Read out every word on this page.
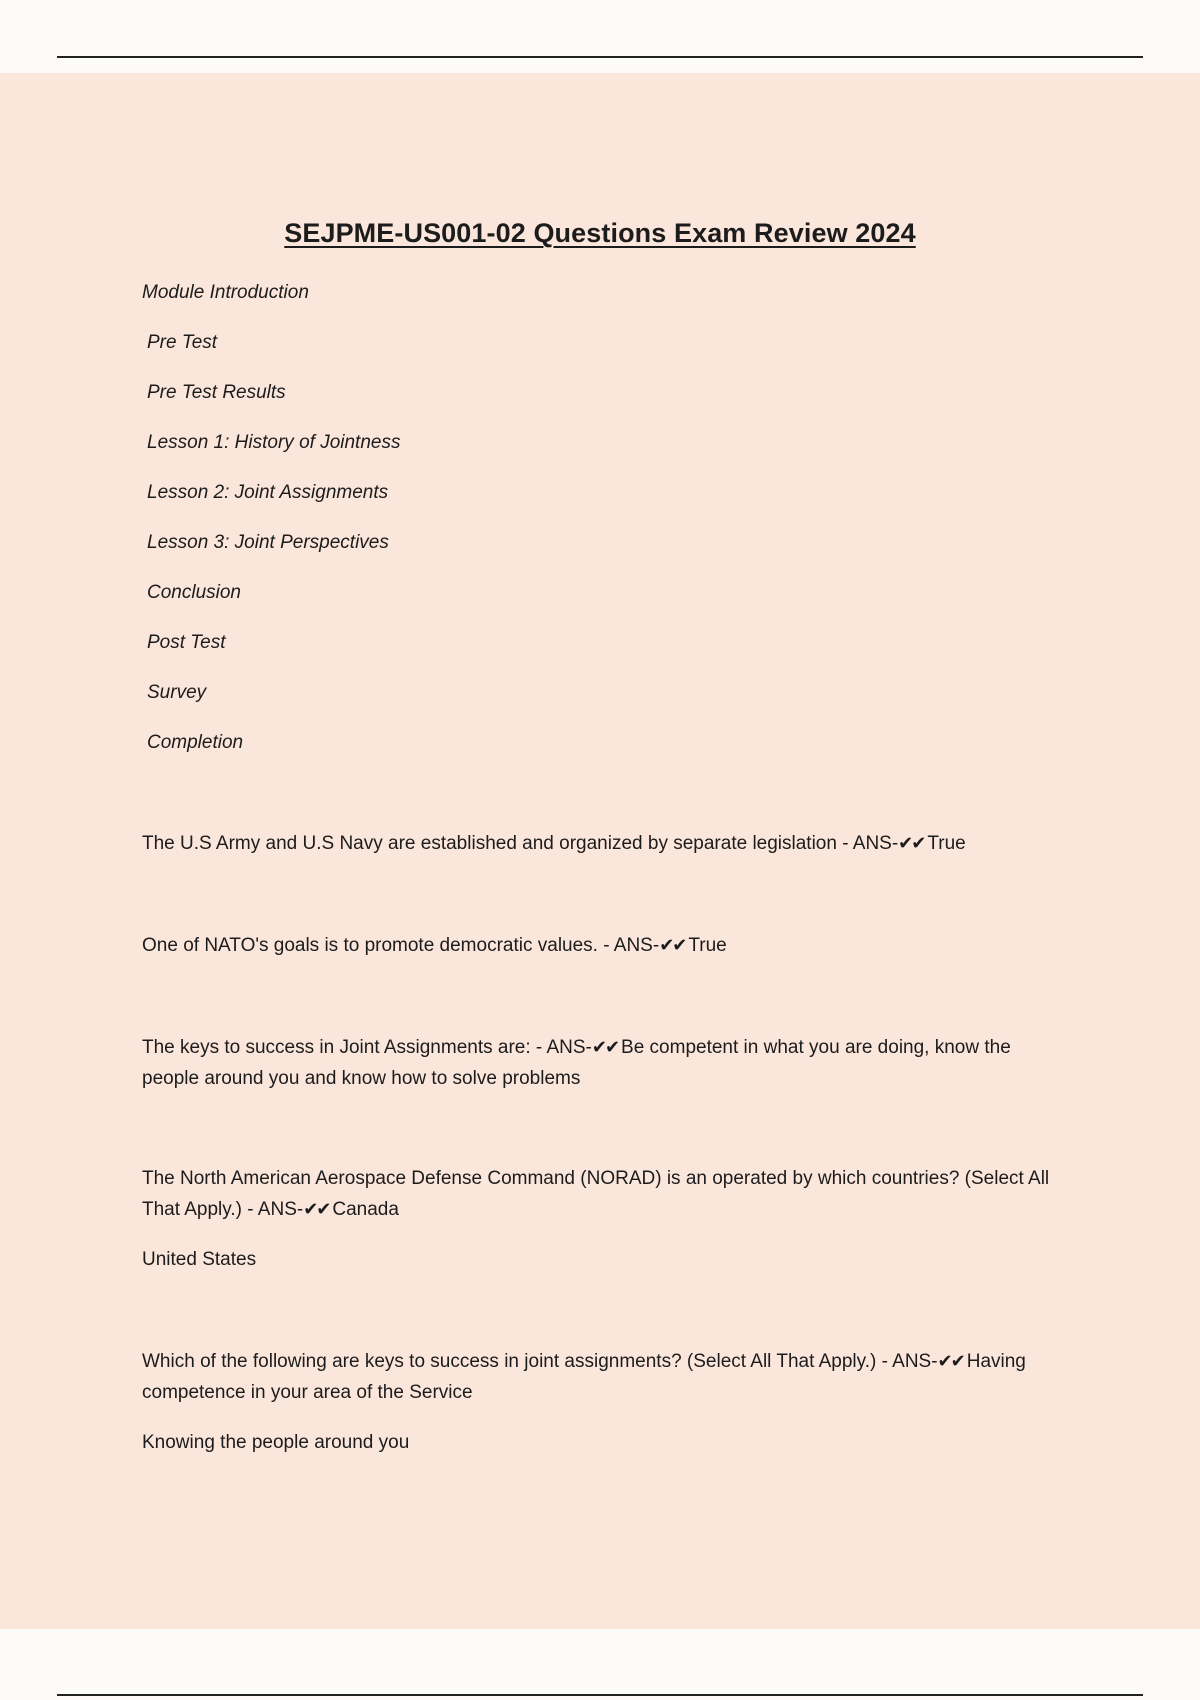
SEJPME-US001-02 Questions Exam Review 2024
Module Introduction
Pre Test
Pre Test Results
Lesson 1: History of Jointness
Lesson 2: Joint Assignments
Lesson 3: Joint Perspectives
Conclusion
Post Test
Survey
Completion

The U.S Army and U.S Navy are established and organized by separate legislation - ANS-✔✔ True

One of NATO's goals is to promote democratic values. - ANS-✔✔ True

The keys to success in Joint Assignments are: - ANS-✔✔ Be competent in what you are doing, know the people around you and know how to solve problems

The North American Aerospace Defense Command (NORAD) is an operated by which countries? (Select All That Apply.) - ANS-✔✔ Canada

United States

Which of the following are keys to success in joint assignments? (Select All That Apply.) - ANS-✔✔ Having competence in your area of the Service

Knowing the people around you
